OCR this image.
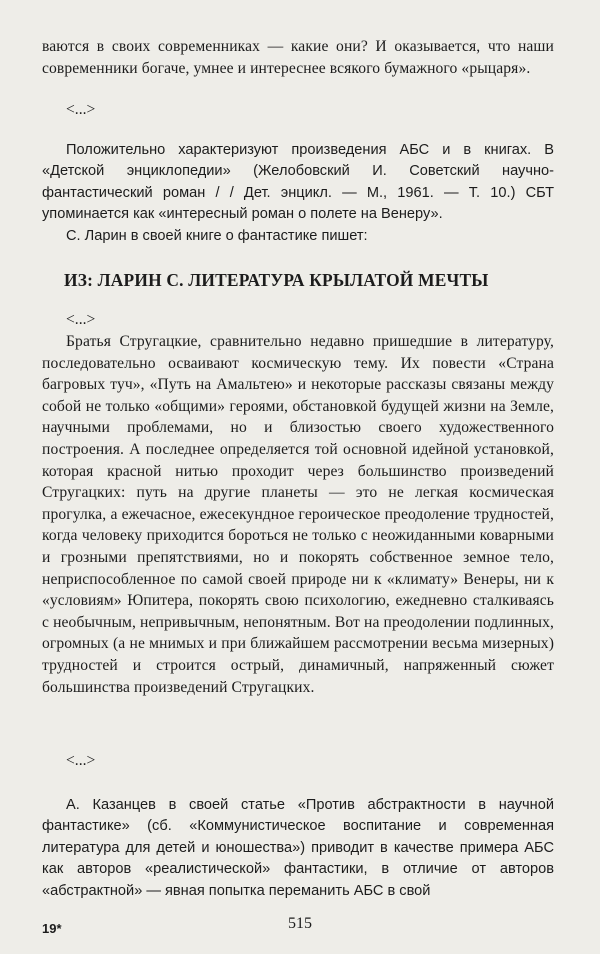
ваются в своих современниках — какие они? И оказывается, что наши современники богаче, умнее и интереснее всякого бумажного «рыцаря».

<...>

Положительно характеризуют произведения АБС и в книгах. В «Детской энциклопедии» (Желобовский И. Советский научно-фантастический роман / / Дет. энцикл. — М., 1961. — Т. 10.) СБТ упоминается как «интересный роман о полете на Венеру».

С. Ларин в своей книге о фантастике пишет:

ИЗ: ЛАРИН С. ЛИТЕРАТУРА КРЫЛАТОЙ МЕЧТЫ
<...>

Братья Стругацкие, сравнительно недавно пришедшие в литературу, последовательно осваивают космическую тему. Их повести «Страна багровых туч», «Путь на Амальтею» и некоторые рассказы связаны между собой не только «общими» героями, обстановкой будущей жизни на Земле, научными проблемами, но и близостью своего художественного построения. А последнее определяется той основной идейной установкой, которая красной нитью проходит через большинство произведений Стругацких: путь на другие планеты — это не легкая космическая прогулка, а ежечасное, ежесекундное героическое преодоление трудностей, когда человеку приходится бороться не только с неожиданными коварными и грозными препятствиями, но и покорять собственное земное тело, неприспособленное по самой своей природе ни к «климату» Венеры, ни к «условиям» Юпитера, покорять свою психологию, ежедневно сталкиваясь с необычным, непривычным, непонятным. Вот на преодолении подлинных, огромных (а не мнимых и при ближайшем рассмотрении весьма мизерных) трудностей и строится острый, динамичный, напряженный сюжет большинства произведений Стругацких.

<...>

А. Казанцев в своей статье «Против абстрактности в научной фантастике» (сб. «Коммунистическое воспитание и современная литература для детей и юношества») приводит в качестве примера АБС как авторов «реалистической» фантастики, в отличие от авторов «абстрактной» — явная попытка переманить АБС в свой

19*	515
